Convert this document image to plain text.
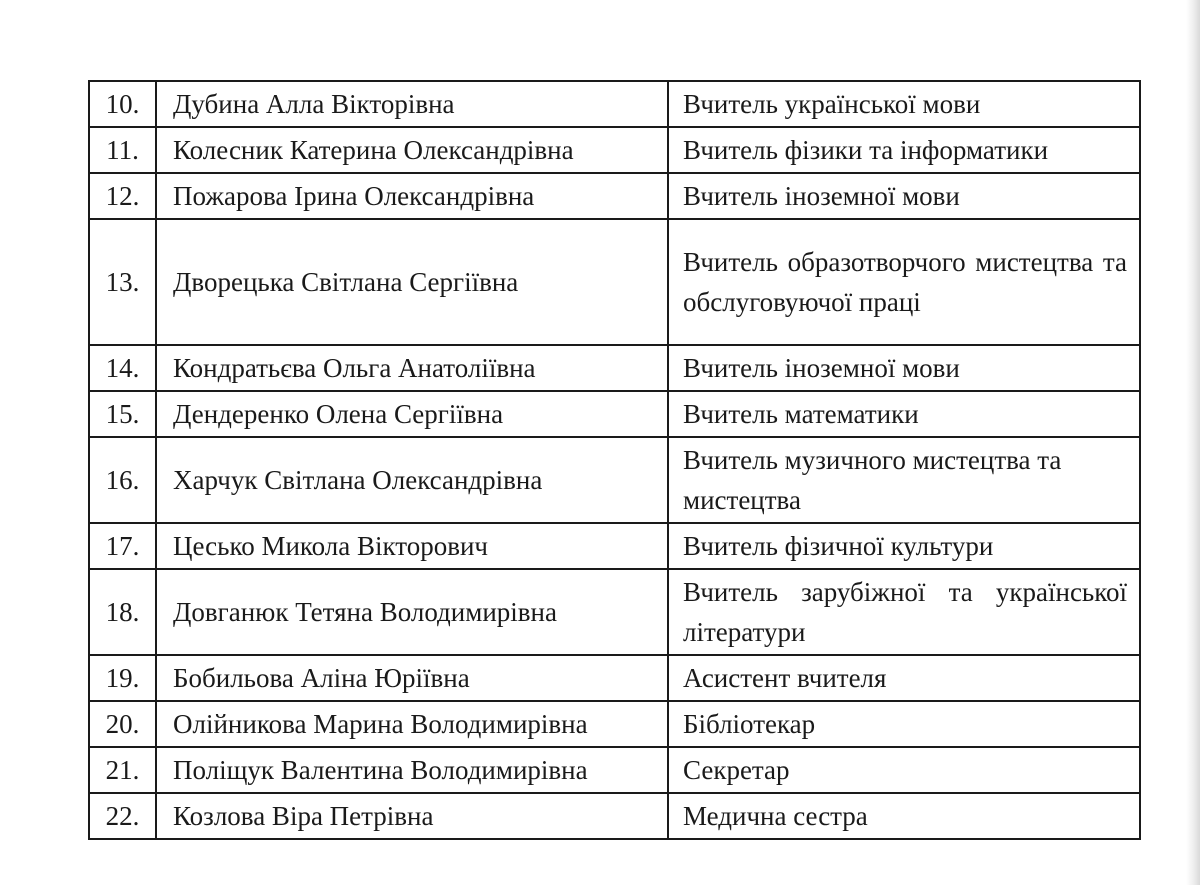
10.	Дубина Алла Вікторівна	Вчитель української мови
11.	Колесник Катерина Олександрівна	Вчитель фізики та інформатики
12.	Пожарова Ірина Олександрівна	Вчитель іноземної мови
13.	Дворецька Світлана Сергіївна	Вчитель образотворчого мистецтва та обслуговуючої праці
14.	Кондратьєва Ольга Анатоліївна	Вчитель іноземної мови
15.	Дендеренко Олена Сергіївна	Вчитель математики
16.	Харчук Світлана Олександрівна	Вчитель музичного мистецтва та мистецтва
17.	Цесько Микола Вікторович	Вчитель фізичної культури
18.	Довганюк Тетяна Володимирівна	Вчитель зарубіжної та української літератури
19.	Бобильова Аліна Юріївна	Асистент вчителя
20.	Олійникова Марина Володимирівна	Бібліотекар
21.	Поліщук Валентина Володимирівна	Секретар
22.	Козлова Віра Петрівна	Медична сестра
